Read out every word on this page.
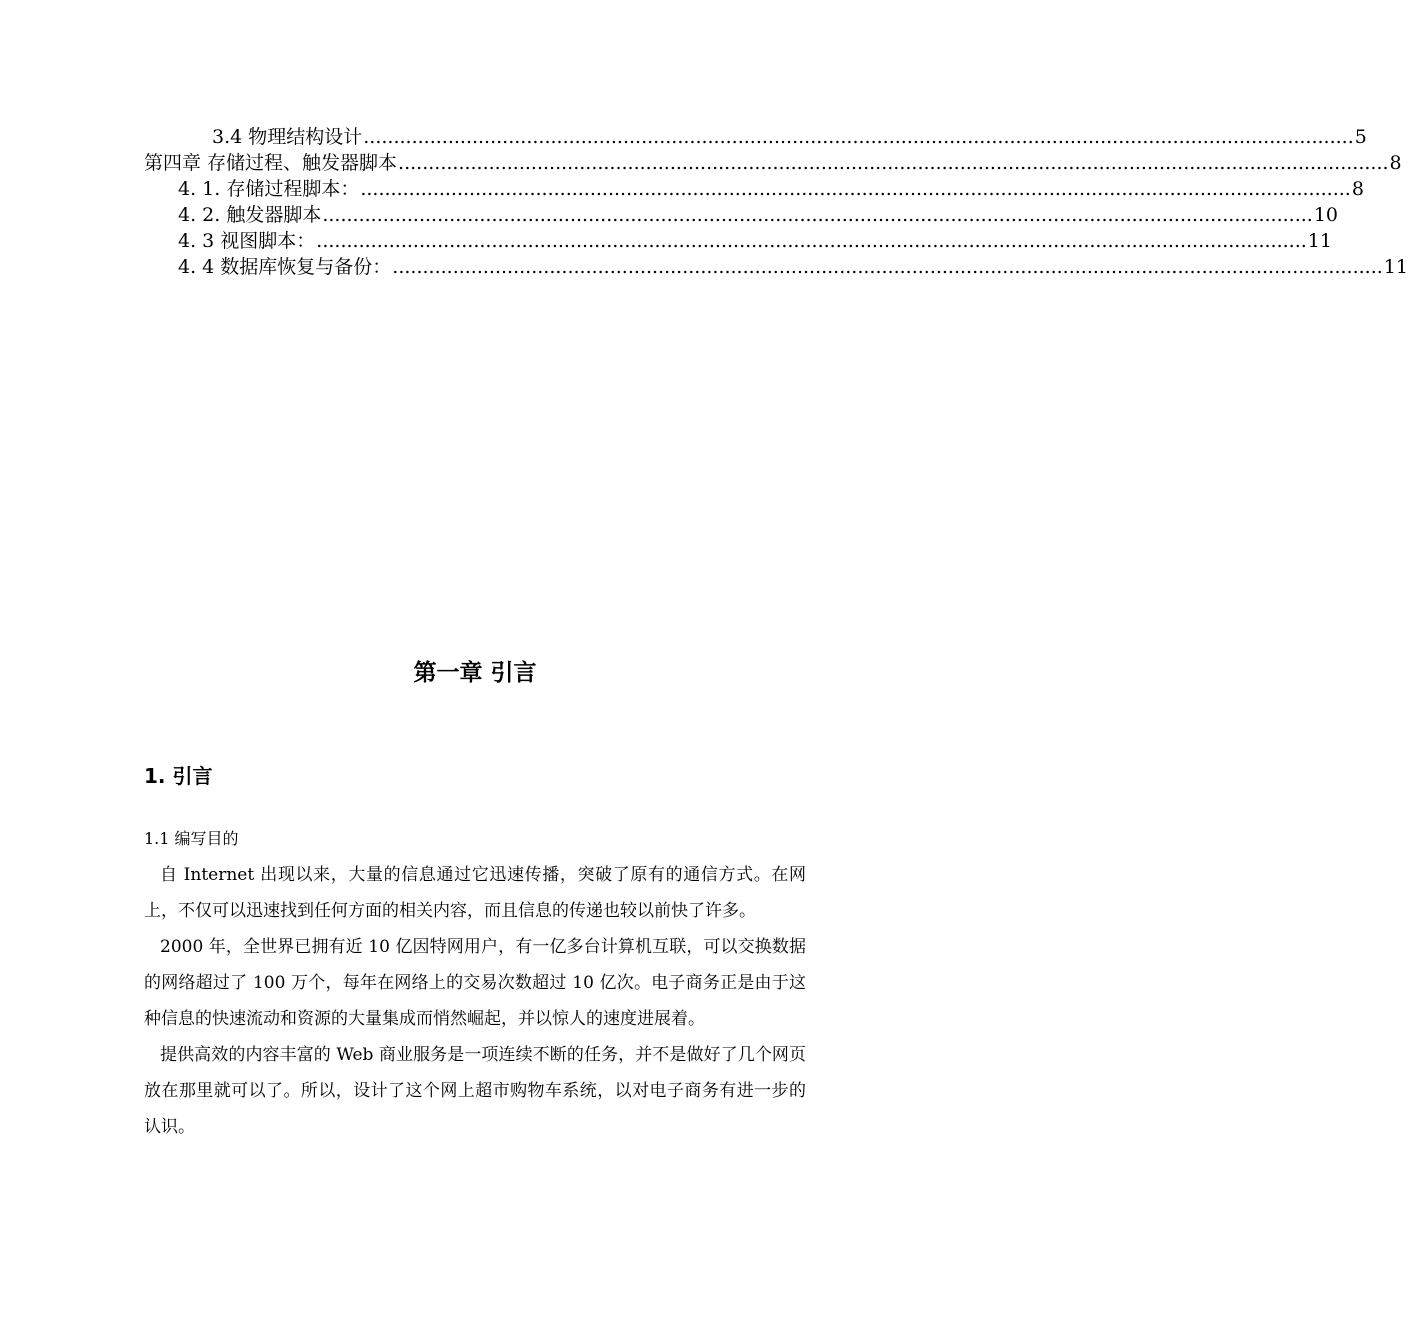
3.4 物理结构设计 .................................................................................................................................................................... 5
第四章 存储过程、触发器脚本 .................................................................................................................................................................... 8
4. 1. 存储过程脚本： .................................................................................................................................................................... 8
4. 2. 触发器脚本 .................................................................................................................................................................... 10
4. 3 视图脚本： .................................................................................................................................................................... 11
4. 4 数据库恢复与备份： .................................................................................................................................................................... 11
第一章 引言
1. 引言
1.1 编写目的

自 Internet 出现以来，大量的信息通过它迅速传播，突破了原有的通信方式。在网上，不仅可以迅速找到任何方面的相关内容，而且信息的传递也较以前快了许多。

2000 年，全世界已拥有近 10 亿因特网用户，有一亿多台计算机互联，可以交换数据的网络超过了 100 万个，每年在网络上的交易次数超过 10 亿次。电子商务正是由于这种信息的快速流动和资源的大量集成而悄然崛起，并以惊人的速度进展着。

提供高效的内容丰富的 Web 商业服务是一项连续不断的任务，并不是做好了几个网页放在那里就可以了。所以，设计了这个网上超市购物车系统，以对电子商务有进一步的认识。
